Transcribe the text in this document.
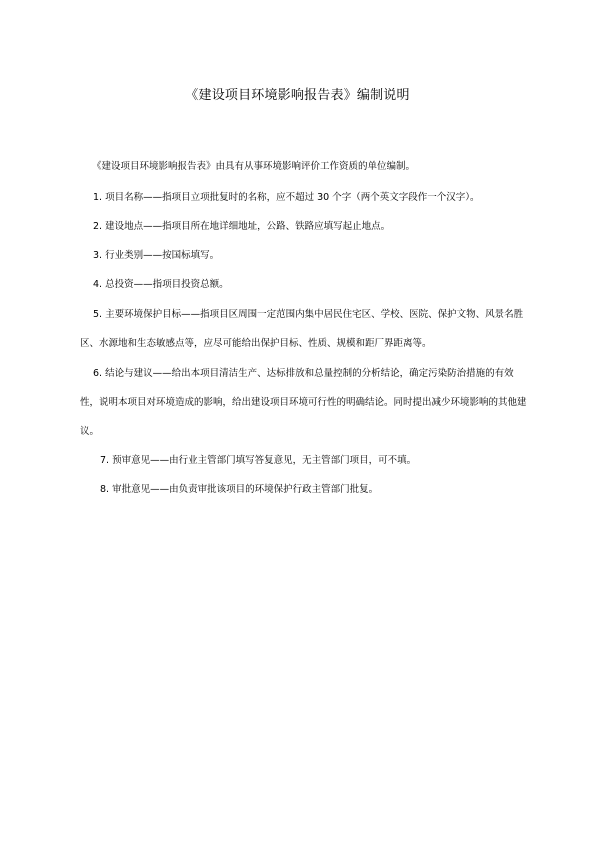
《建设项目环境影响报告表》编制说明

《建设项目环境影响报告表》由具有从事环境影响评价工作资质的单位编制。

1. 项目名称——指项目立项批复时的名称，应不超过 30 个字（两个英文字段作一个汉字）。

2. 建设地点——指项目所在地详细地址，公路、铁路应填写起止地点。

3. 行业类别——按国标填写。

4. 总投资——指项目投资总额。

5. 主要环境保护目标——指项目区周围一定范围内集中居民住宅区、学校、医院、保护文物、风景名胜区、水源地和生态敏感点等，应尽可能给出保护目标、性质、规模和距厂界距离等。

6. 结论与建议——给出本项目清洁生产、达标排放和总量控制的分析结论，确定污染防治措施的有效性，说明本项目对环境造成的影响，给出建设项目环境可行性的明确结论。同时提出减少环境影响的其他建议。

7. 预审意见——由行业主管部门填写答复意见，无主管部门项目，可不填。

8. 审批意见——由负责审批该项目的环境保护行政主管部门批复。
